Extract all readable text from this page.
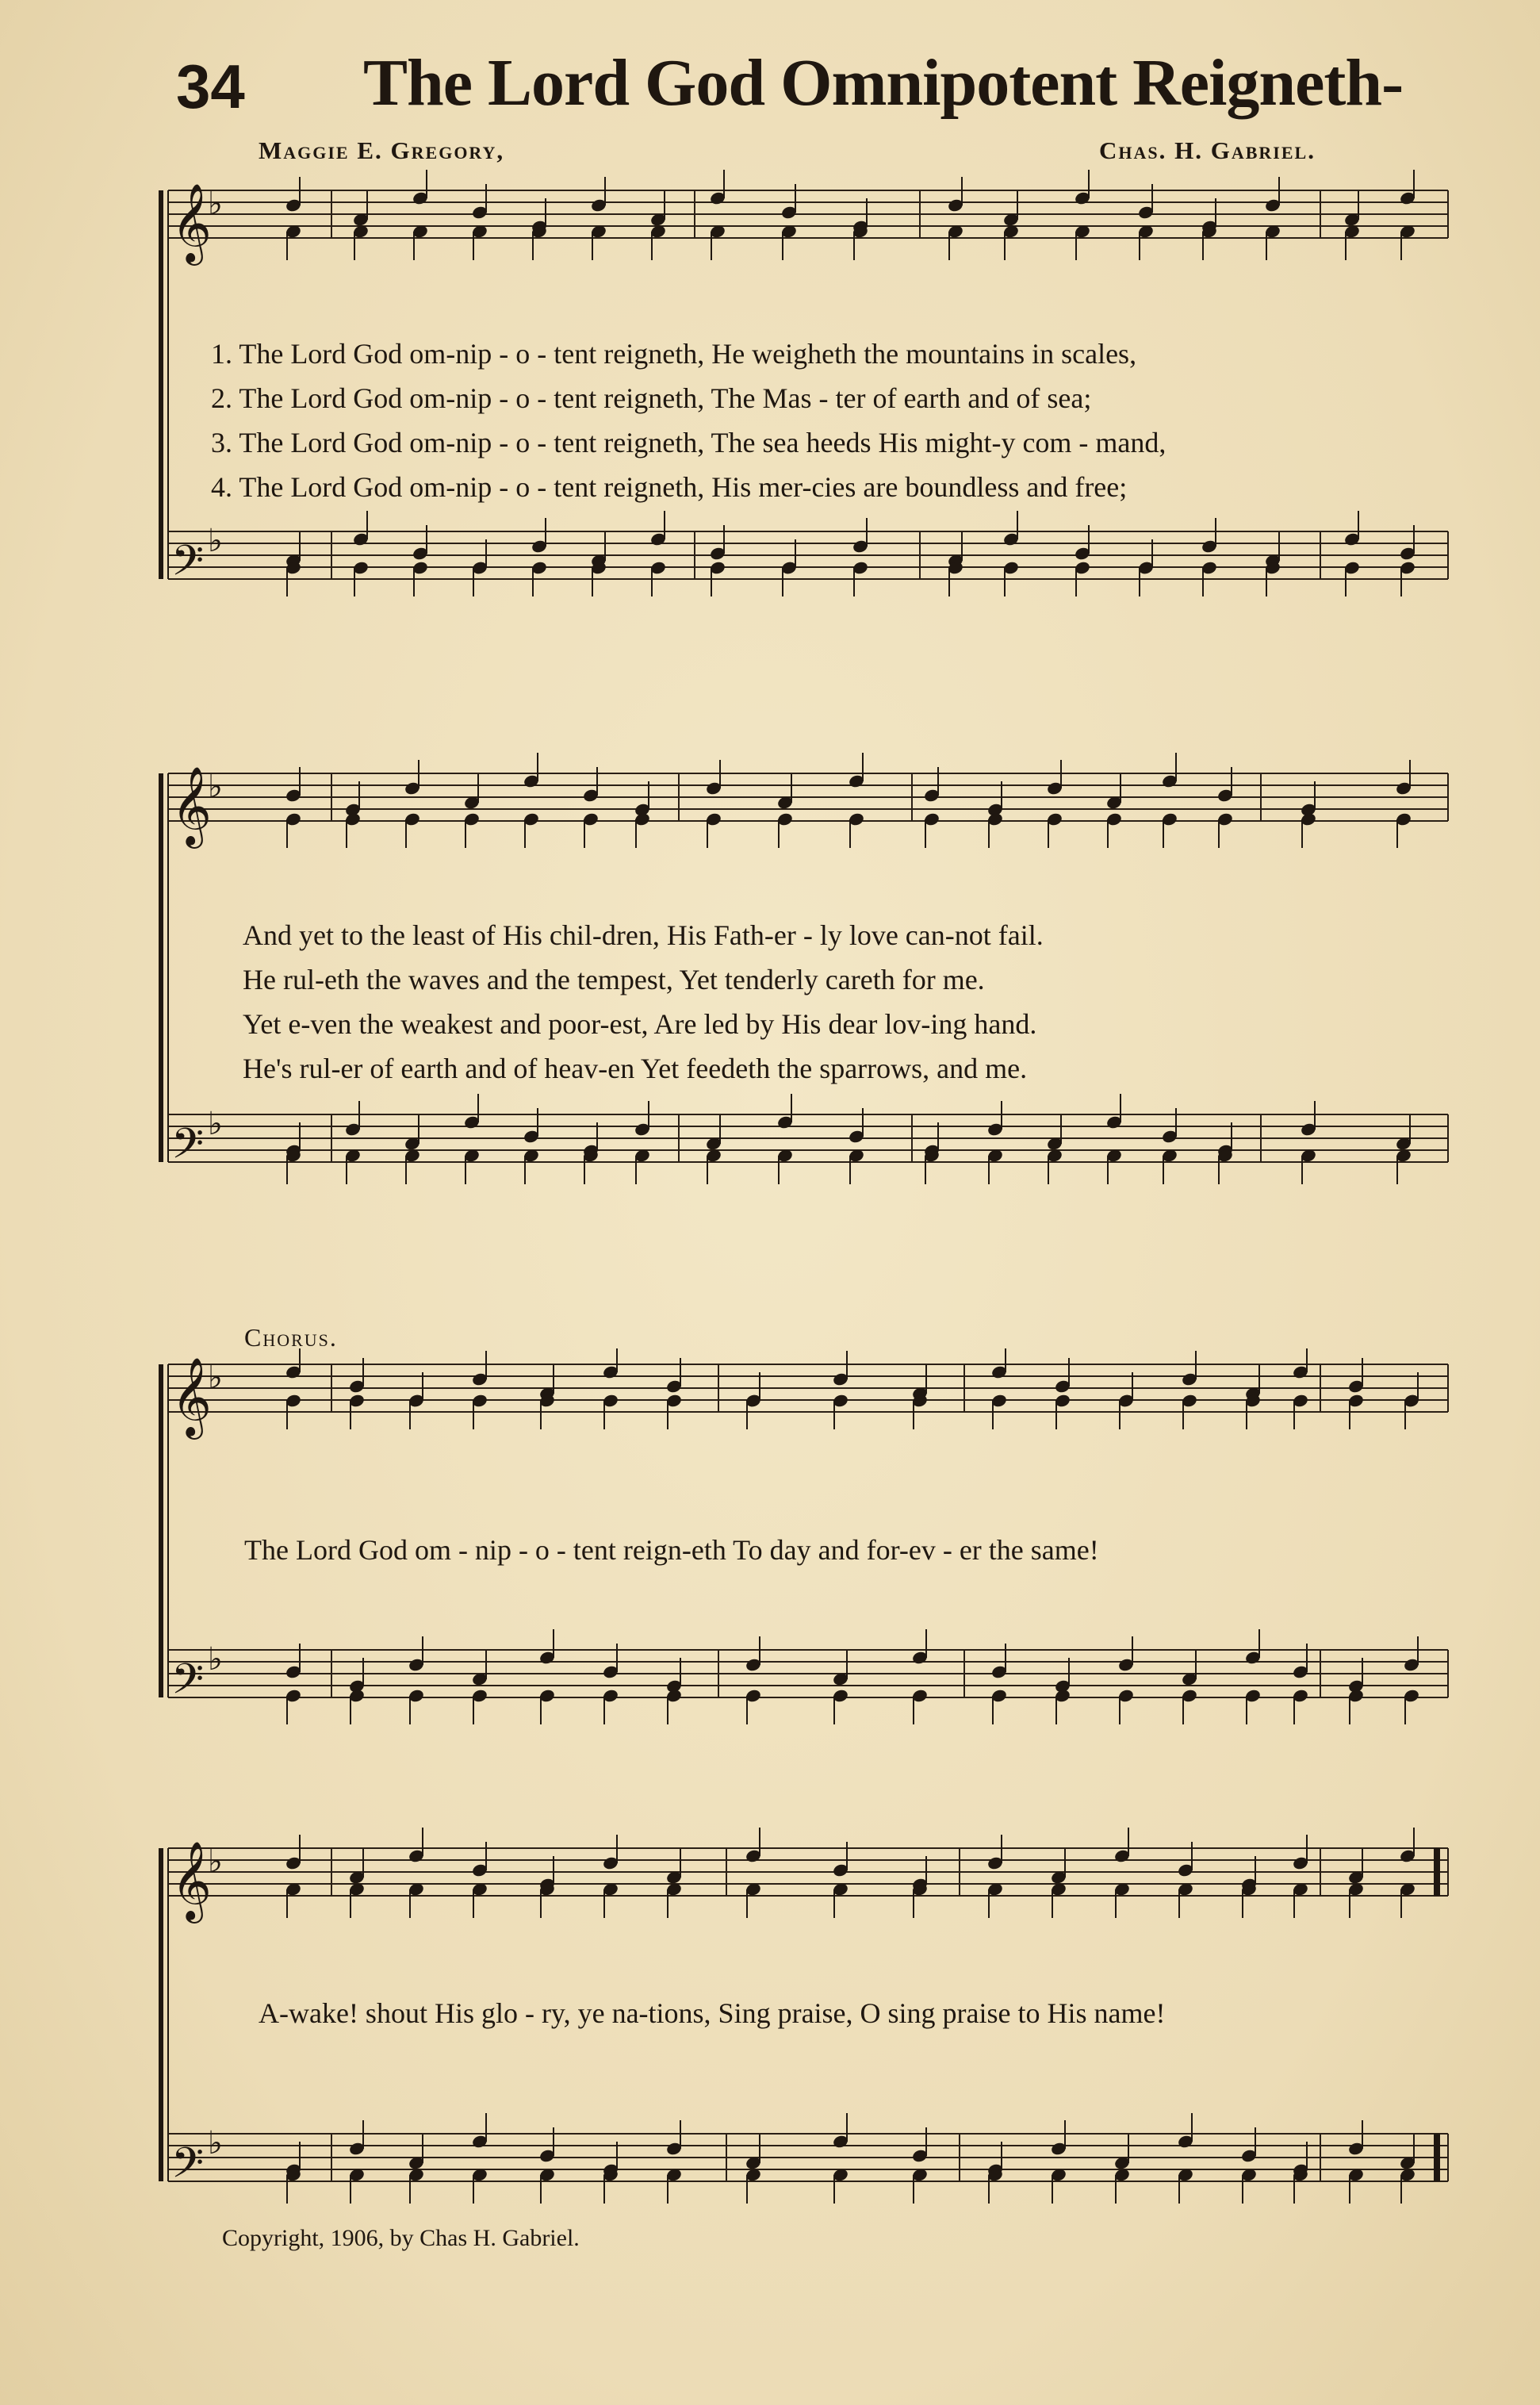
34 The Lord God Omnipotent Reigneth-
Maggie E. Gregory,	Chas. H. Gabriel.
𝄞
♭
𝄢 ♭
1. The Lord God om-nip - o - tent reigneth, He weigheth the mountains in scales,
2. The Lord God om-nip - o - tent reigneth, The Mas - ter of earth and of sea;
3. The Lord God om-nip - o - tent reigneth, The sea heeds His might-y com - mand,
4. The Lord God om-nip - o - tent reigneth, His mer-cies are boundless and free;
𝄞
♭
𝄢 ♭
And yet to the least of His chil-dren, His Fath-er - ly love can-not fail.
He rul-eth the waves and the tempest, Yet tenderly careth for me.
Yet e-ven the weakest and poor-est, Are led by His dear lov-ing hand.
He's rul-er of earth and of heav-en Yet feedeth the sparrows, and me.
Chorus.
𝄞
♭
𝄢 ♭
The Lord God om - nip - o - tent reign-eth To day and for-ev - er the same!
𝄞
♭
𝄢 ♭
A-wake! shout His glo - ry, ye na-tions, Sing praise, O sing praise to His name!
Copyright, 1906, by Chas H. Gabriel.
